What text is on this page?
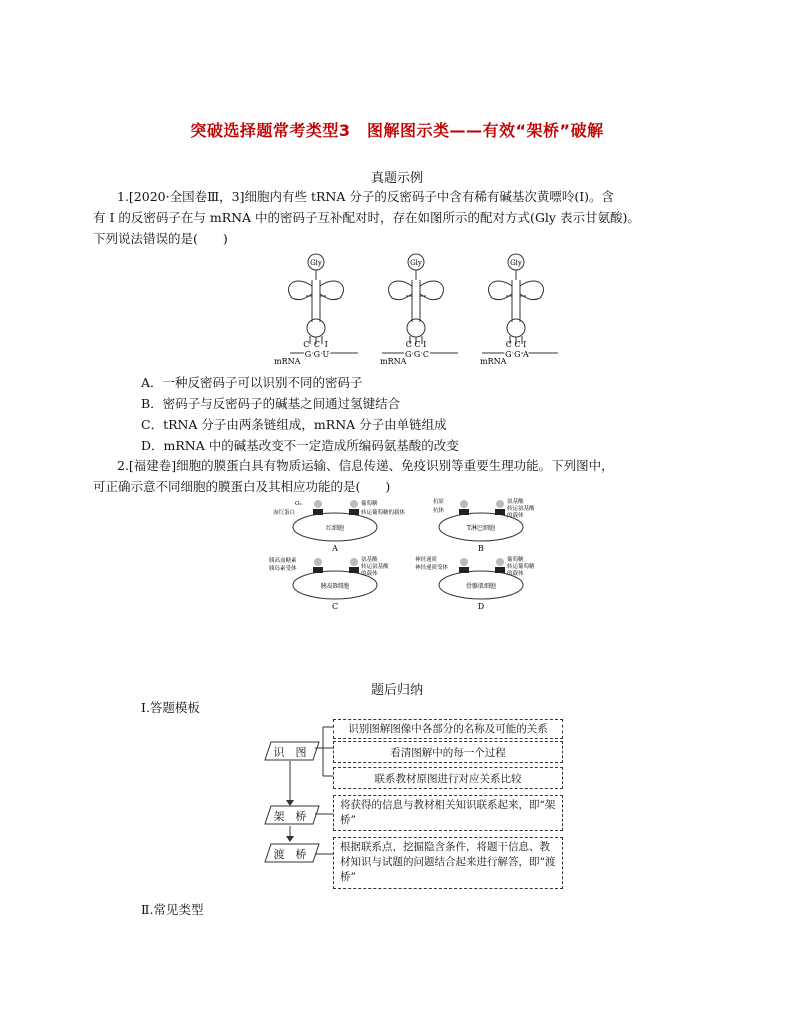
突破选择题常考类型3　图解图示类——有效“架桥”破解
真题示例
1.[2020·全国卷Ⅲ，3]细胞内有些 tRNA 分子的反密码子中含有稀有碱基次黄嘌呤(I)。含
有 I 的反密码子在与 mRNA 中的密码子互补配对时，存在如图所示的配对方式(Gly 表示甘氨酸)。
下列说法错误的是(　　)
Gly	Gly	Gly
C C I	C C I	C C I
G G U	G G C	G G A
mRNA	mRNA	mRNA
A．一种反密码子可以识别不同的密码子
B．密码子与反密码子的碱基之间通过氢键结合
C．tRNA 分子由两条链组成，mRNA 分子由单链组成
D．mRNA 中的碱基改变不一定造成所编码氨基酸的改变
2.[福建卷]细胞的膜蛋白具有物质运输、信息传递、免疫识别等重要生理功能。下列图中，
可正确示意不同细胞的膜蛋白及其相应功能的是(　　)
红细胞
O₂
血红蛋白
葡萄糖
转运葡萄糖的载体
A
T淋巴细胞
抗原
抗体
氨基酸
转运氨基酸
的载体
B
胰岛B细胞
胰高血糖素
胰岛素受体
氨基酸
转运氨基酸
的载体
C
骨骼肌细胞
神经递质
神经递质受体
葡萄糖
转运葡萄糖
的载体
D
题后归纳
Ⅰ.答题模板
识　图
架　桥
渡　桥
识别图解图像中各部分的名称及可能的关系
看清图解中的每一个过程
联系教材原图进行对应关系比较
将获得的信息与教材相关知识联系起来，即“架桥”
根据联系点，挖掘隐含条件，将题干信息、教材知识与试题的问题结合起来进行解答，即“渡桥”
Ⅱ.常见类型
